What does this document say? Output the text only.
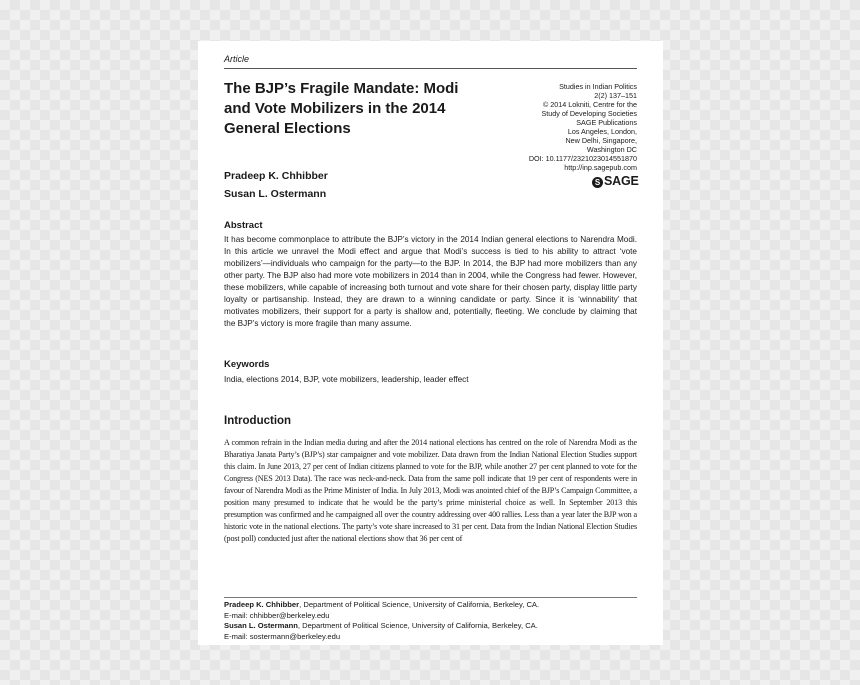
Article
The BJP’s Fragile Mandate: Modi
and Vote Mobilizers in the 2014
General Elections
Studies in Indian Politics
2(2) 137–151
© 2014 Lokniti, Centre for the
Study of Developing Societies
SAGE Publications
Los Angeles, London,
New Delhi, Singapore,
Washington DC
DOI: 10.1177/2321023014551870
http://inp.sagepub.com
S SAGE
Pradeep K. Chhibber
Susan L. Ostermann
Abstract
It has become commonplace to attribute the BJP’s victory in the 2014 Indian general elections to Narendra Modi. In this article we unravel the Modi effect and argue that Modi’s success is tied to his ability to attract ‘vote mobilizers’—individuals who campaign for the party—to the BJP. In 2014, the BJP had more mobilizers than any other party. The BJP also had more vote mobilizers in 2014 than in 2004, while the Congress had fewer. However, these mobilizers, while capable of increasing both turnout and vote share for their chosen party, display little party loyalty or partisanship. Instead, they are drawn to a winning candidate or party. Since it is ‘winnability’ that motivates mobilizers, their support for a party is shallow and, potentially, fleeting. We conclude by claiming that the BJP’s victory is more fragile than many assume.
Keywords
India, elections 2014, BJP, vote mobilizers, leadership, leader effect
Introduction
A common refrain in the Indian media during and after the 2014 national elections has centred on the role of Narendra Modi as the Bharatiya Janata Party’s (BJP’s) star campaigner and vote mobilizer. Data drawn from the Indian National Election Studies support this claim. In June 2013, 27 per cent of Indian citizens planned to vote for the BJP, while another 27 per cent planned to vote for the Congress (NES 2013 Data). The race was neck-and-neck. Data from the same poll indicate that 19 per cent of respondents were in favour of Narendra Modi as the Prime Minister of India. In July 2013, Modi was anointed chief of the BJP’s Campaign Committee, a position many presumed to indicate that he would be the party’s prime ministerial choice as well. In September 2013 this presumption was confirmed and he campaigned all over the country addressing over 400 rallies. Less than a year later the BJP won a historic vote in the national elections. The party’s vote share increased to 31 per cent. Data from the Indian National Election Studies (post poll) conducted just after the national elections show that 36 per cent of
Pradeep K. Chhibber, Department of Political Science, University of California, Berkeley, CA.
E-mail: chhibber@berkeley.edu
Susan L. Ostermann, Department of Political Science, University of California, Berkeley, CA.
E-mail: sostermann@berkeley.edu
